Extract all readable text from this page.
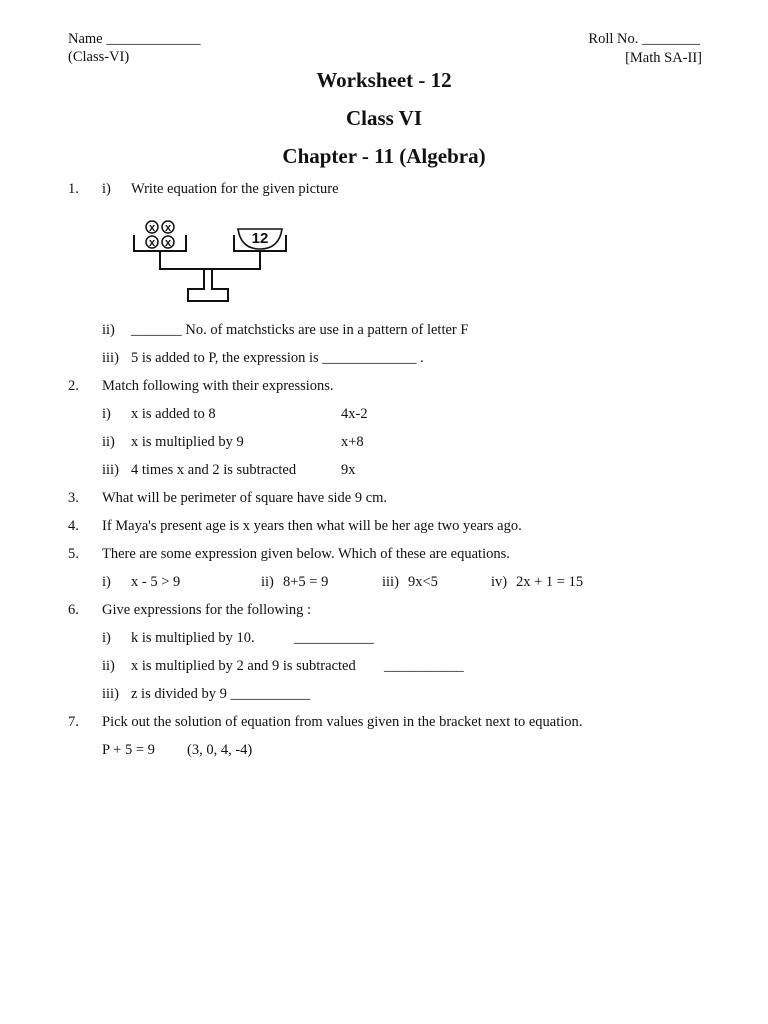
Name _____________
(Class-VI)
Roll No. ________
[Math SA-II]
Worksheet - 12
Class VI
Chapter - 11 (Algebra)
1. i) Write equation for the given picture
x x
x x	12
ii) _______ No. of matchsticks are use in a pattern of letter F
iii) 5 is added to P, the expression is _____________ .
2. Match following with their expressions.
i) x is added to 8	4x-2
ii) x is multiplied by 9	x+8
iii) 4 times x and 2 is subtracted	9x
3. What will be perimeter of square have side 9 cm.
4. If Maya's present age is x years then what will be her age two years ago.
5. There are some expression given below. Which of these are equations.
i) x - 5 > 9	ii) 8+5 = 9	iii) 9x<5	iv) 2x + 1 = 15
6. Give expressions for the following :
i) k is multiplied by 10.	___________
ii) x is multiplied by 2 and 9 is subtracted ___________
iii) z is divided by 9 ___________
7. Pick out the solution of equation from values given in the bracket next to equation.
P + 5 = 9 (3, 0, 4, -4)
